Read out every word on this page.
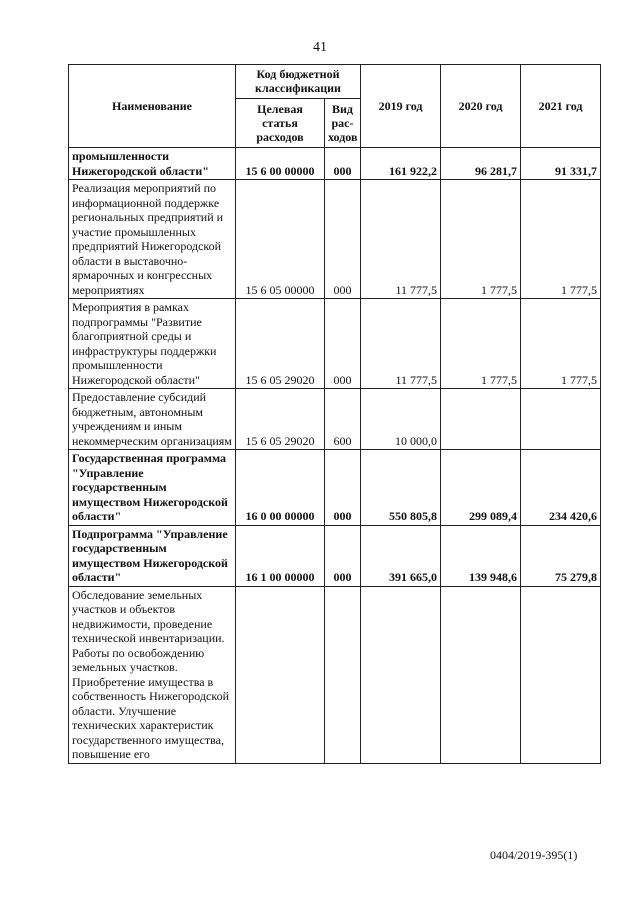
41
Наименование	Код бюджетной классификации		2019 год	2020 год	2021 год
	Целевая статья расходов	Вид рас-ходов			
промышленности Нижегородской области"	15 6 00 00000	000	161 922,2	96 281,7	91 331,7
Реализация мероприятий по информационной поддержке региональных предприятий и участие промышленных предприятий Нижегородской области в выставочно-ярмарочных и конгрессных мероприятиях	15 6 05 00000	000	11 777,5	1 777,5	1 777,5
Мероприятия в рамках подпрограммы "Развитие благоприятной среды и инфраструктуры поддержки промышленности Нижегородской области"	15 6 05 29020	000	11 777,5	1 777,5	1 777,5
Предоставление субсидий бюджетным, автономным учреждениям и иным некоммерческим организациям	15 6 05 29020	600	10 000,0		
Государственная программа "Управление государственным имуществом Нижегородской области"	16 0 00 00000	000	550 805,8	299 089,4	234 420,6
Подпрограмма "Управление государственным имуществом Нижегородской области"	16 1 00 00000	000	391 665,0	139 948,6	75 279,8
Обследование земельных участков и объектов недвижимости, проведение технической инвентаризации. Работы по освобождению земельных участков. Приобретение имущества в собственность Нижегородской области. Улучшение технических характеристик государственного имущества, повышение его					
0404/2019-395(1)
